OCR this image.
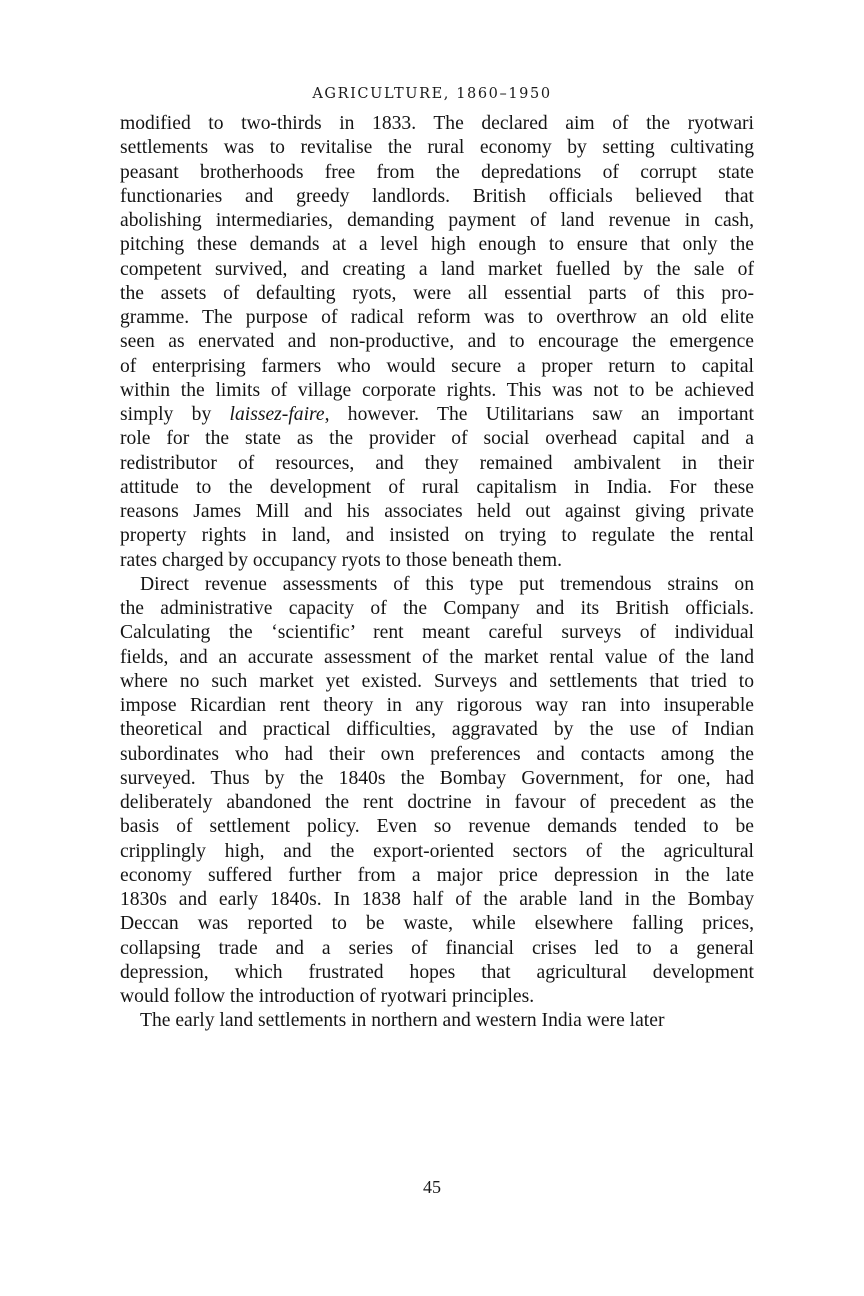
AGRICULTURE, 1860–1950
modified to two-thirds in 1833. The declared aim of the ryotwari
settlements was to revitalise the rural economy by setting cultivating
peasant brotherhoods free from the depredations of corrupt state
functionaries and greedy landlords. British officials believed that
abolishing intermediaries, demanding payment of land revenue in cash,
pitching these demands at a level high enough to ensure that only the
competent survived, and creating a land market fuelled by the sale of
the assets of defaulting ryots, were all essential parts of this pro-
gramme. The purpose of radical reform was to overthrow an old elite
seen as enervated and non-productive, and to encourage the emergence
of enterprising farmers who would secure a proper return to capital
within the limits of village corporate rights. This was not to be achieved
simply by laissez-faire, however. The Utilitarians saw an important
role for the state as the provider of social overhead capital and a
redistributor of resources, and they remained ambivalent in their
attitude to the development of rural capitalism in India. For these
reasons James Mill and his associates held out against giving private
property rights in land, and insisted on trying to regulate the rental
rates charged by occupancy ryots to those beneath them.
Direct revenue assessments of this type put tremendous strains on
the administrative capacity of the Company and its British officials.
Calculating the ‘scientific’ rent meant careful surveys of individual
fields, and an accurate assessment of the market rental value of the land
where no such market yet existed. Surveys and settlements that tried to
impose Ricardian rent theory in any rigorous way ran into insuperable
theoretical and practical difficulties, aggravated by the use of Indian
subordinates who had their own preferences and contacts among the
surveyed. Thus by the 1840s the Bombay Government, for one, had
deliberately abandoned the rent doctrine in favour of precedent as the
basis of settlement policy. Even so revenue demands tended to be
cripplingly high, and the export-oriented sectors of the agricultural
economy suffered further from a major price depression in the late
1830s and early 1840s. In 1838 half of the arable land in the Bombay
Deccan was reported to be waste, while elsewhere falling prices,
collapsing trade and a series of financial crises led to a general
depression, which frustrated hopes that agricultural development
would follow the introduction of ryotwari principles.
The early land settlements in northern and western India were later
45
